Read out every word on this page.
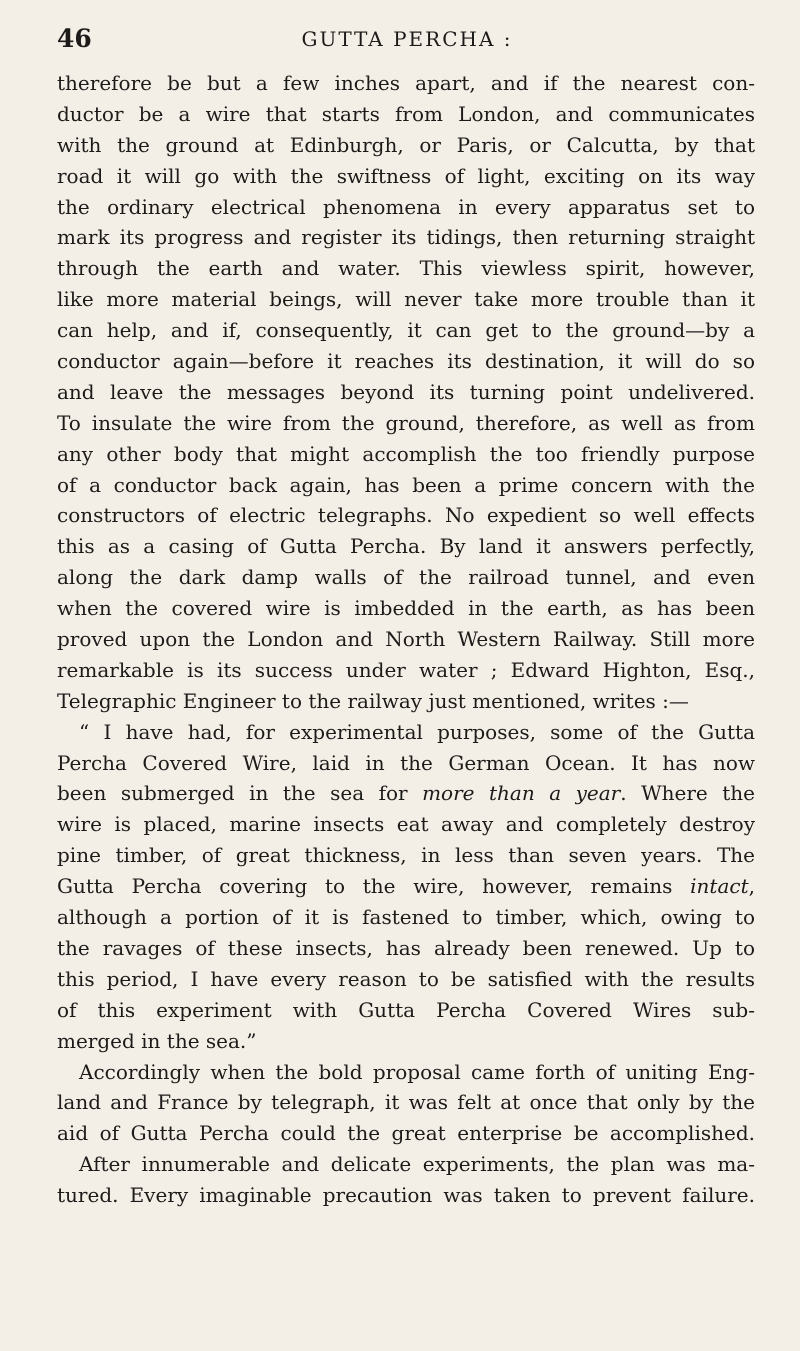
46	GUTTA PERCHA :
therefore be but a few inches apart, and if the nearest con-
ductor be a wire that starts from London, and communicates
with the ground at Edinburgh, or Paris, or Calcutta, by that
road it will go with the swiftness of light, exciting on its way
the ordinary electrical phenomena in every apparatus set to
mark its progress and register its tidings, then returning straight
through the earth and water. This viewless spirit, however,
like more material beings, will never take more trouble than it
can help, and if, consequently, it can get to the ground—by a
conductor again—before it reaches its destination, it will do so
and leave the messages beyond its turning point undelivered.
To insulate the wire from the ground, therefore, as well as from
any other body that might accomplish the too friendly purpose
of a conductor back again, has been a prime concern with the
constructors of electric telegraphs. No expedient so well effects
this as a casing of Gutta Percha. By land it answers perfectly,
along the dark damp walls of the railroad tunnel, and even
when the covered wire is imbedded in the earth, as has been
proved upon the London and North Western Railway. Still more
remarkable is its success under water ; Edward Highton, Esq.,
Telegraphic Engineer to the railway just mentioned, writes :—
“ I have had, for experimental purposes, some of the Gutta
Percha Covered Wire, laid in the German Ocean. It has now
been submerged in the sea for more than a year. Where the
wire is placed, marine insects eat away and completely destroy
pine timber, of great thickness, in less than seven years. The
Gutta Percha covering to the wire, however, remains intact,
although a portion of it is fastened to timber, which, owing to
the ravages of these insects, has already been renewed. Up to
this period, I have every reason to be satisfied with the results
of this experiment with Gutta Percha Covered Wires sub-
merged in the sea.”
Accordingly when the bold proposal came forth of uniting Eng-
land and France by telegraph, it was felt at once that only by the
aid of Gutta Percha could the great enterprise be accomplished.
After innumerable and delicate experiments, the plan was ma-
tured. Every imaginable precaution was taken to prevent failure.
